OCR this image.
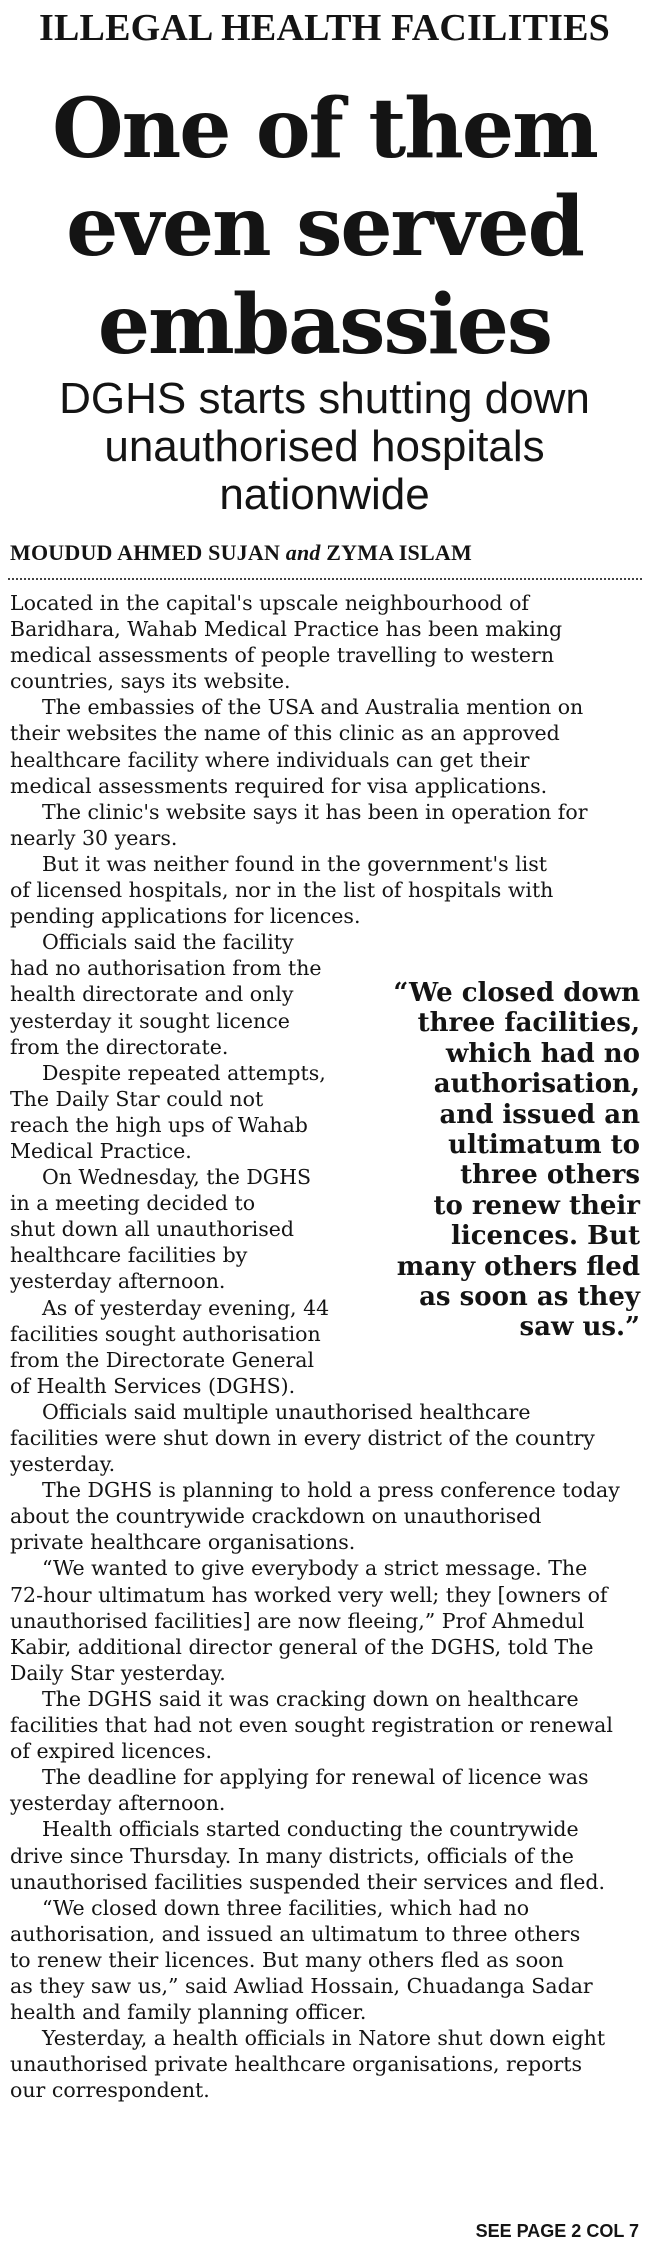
ILLEGAL HEALTH FACILITIES
One of them
even served
embassies
DGHS starts shutting down
unauthorised hospitals
nationwide
MOUDUD AHMED SUJAN and ZYMA ISLAM
Located in the capital's upscale neighbourhood of
Baridhara, Wahab Medical Practice has been making
medical assessments of people travelling to western
countries, says its website.
The embassies of the USA and Australia mention on
their websites the name of this clinic as an approved
healthcare facility where individuals can get their
medical assessments required for visa applications.
The clinic's website says it has been in operation for
nearly 30 years.
But it was neither found in the government's list
of licensed hospitals, nor in the list of hospitals with
pending applications for licences.
Officials said the facility
had no authorisation from the
health directorate and only
yesterday it sought licence
from the directorate.
Despite repeated attempts,
The Daily Star could not
reach the high ups of Wahab
Medical Practice.
On Wednesday, the DGHS
in a meeting decided to
shut down all unauthorised
healthcare facilities by
yesterday afternoon.
As of yesterday evening, 44
facilities sought authorisation
from the Directorate General
of Health Services (DGHS).
Officials said multiple unauthorised healthcare
facilities were shut down in every district of the country
yesterday.
The DGHS is planning to hold a press conference today
about the countrywide crackdown on unauthorised
private healthcare organisations.
“We wanted to give everybody a strict message. The
72-hour ultimatum has worked very well; they [owners of
unauthorised facilities] are now fleeing,” Prof Ahmedul
Kabir, additional director general of the DGHS, told The
Daily Star yesterday.
The DGHS said it was cracking down on healthcare
facilities that had not even sought registration or renewal
of expired licences.
The deadline for applying for renewal of licence was
yesterday afternoon.
Health officials started conducting the countrywide
drive since Thursday. In many districts, officials of the
unauthorised facilities suspended their services and fled.
“We closed down three facilities, which had no
authorisation, and issued an ultimatum to three others
to renew their licences. But many others fled as soon
as they saw us,” said Awliad Hossain, Chuadanga Sadar
health and family planning officer.
Yesterday, a health officials in Natore shut down eight
unauthorised private healthcare organisations, reports
our correspondent.
“We closed down
three facilities,
which had no
authorisation,
and issued an
ultimatum to
three others
to renew their
licences. But
many others fled
as soon as they
saw us.”
SEE PAGE 2 COL 7
